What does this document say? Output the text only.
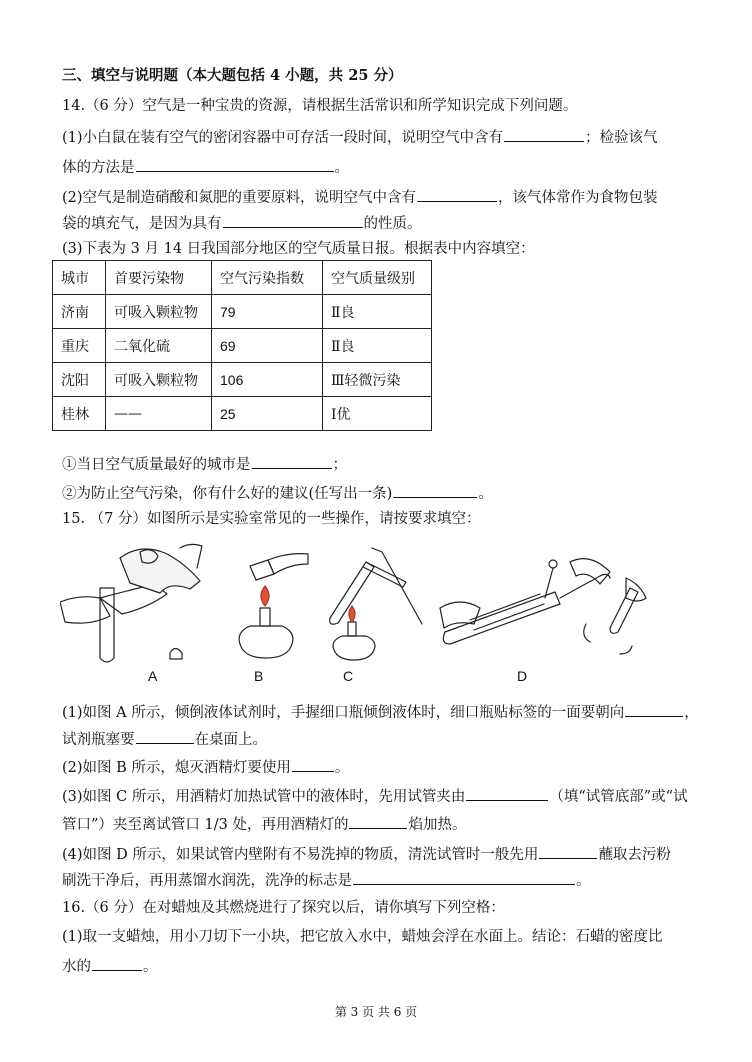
三、填空与说明题（本大题包括 4 小题，共 25 分）
14.（6 分）空气是一种宝贵的资源，请根据生活常识和所学知识完成下列问题。
(1)小白鼠在装有空气的密闭容器中可存活一段时间，说明空气中含有	；检验该气
体的方法是	。
(2)空气是制造硝酸和氮肥的重要原料，说明空气中含有	，该气体常作为食物包装
袋的填充气，是因为具有	的性质。
(3)下表为 3 月 14 日我国部分地区的空气质量日报。根据表中内容填空：
城市	首要污染物	空气污染指数	空气质量级别
济南	可吸入颗粒物	79	Ⅱ良
重庆	二氧化硫	69	Ⅱ良
沈阳	可吸入颗粒物	106	Ⅲ轻微污染
桂林	——	25	Ⅰ优
①当日空气质量最好的城市是	；
②为防止空气污染，你有什么好的建议(任写出一条)	。
15. （7 分）如图所示是实验室常见的一些操作，请按要求填空：
A	B	C	D
(1)如图 A 所示，倾倒液体试剂时，手握细口瓶倾倒液体时，细口瓶贴标签的一面要朝向	，
试剂瓶塞要	在桌面上。
(2)如图 B 所示，熄灭酒精灯要使用	。
(3)如图 C 所示，用酒精灯加热试管中的液体时，先用试管夹由	（填“试管底部”或“试
管口”）夹至离试管口 1/3 处，再用酒精灯的	焰加热。
(4)如图 D 所示，如果试管内壁附有不易洗掉的物质，清洗试管时一般先用	蘸取去污粉
刷洗干净后，再用蒸馏水润洗，洗净的标志是	。
16.（6 分）在对蜡烛及其燃烧进行了探究以后，请你填写下列空格：
(1)取一支蜡烛，用小刀切下一小块，把它放入水中，蜡烛会浮在水面上。结论：石蜡的密度比
水的	。
第 3 页 共 6 页
